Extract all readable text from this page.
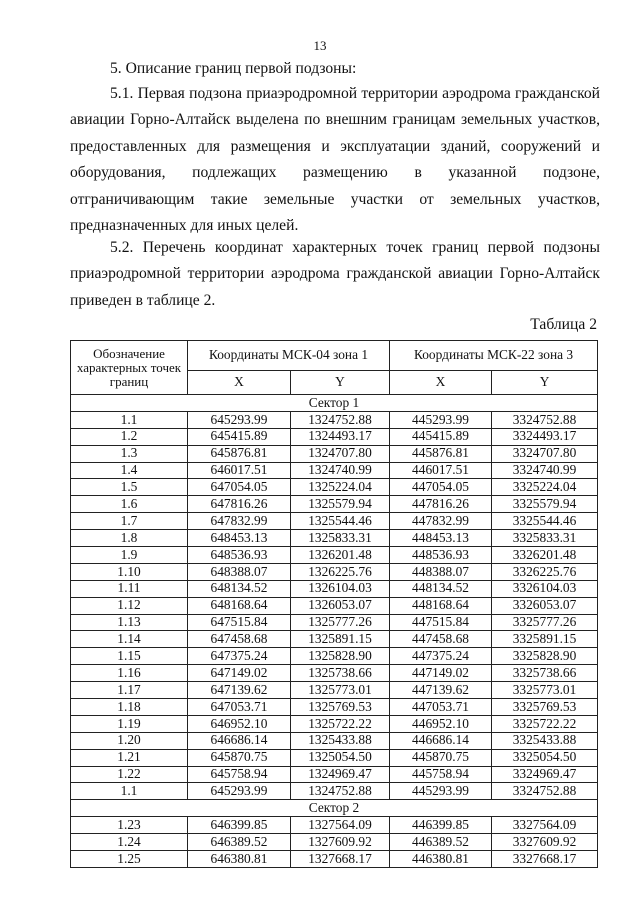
13
5. Описание границ первой подзоны:
5.1. Первая подзона приаэродромной территории аэродрома гражданской авиации Горно-Алтайск выделена по внешним границам земельных участков, предоставленных для размещения и эксплуатации зданий, сооружений и оборудования, подлежащих размещению в указанной подзоне, отграничивающим такие земельные участки от земельных участков, предназначенных для иных целей.
5.2. Перечень координат характерных точек границ первой подзоны приаэродромной территории аэродрома гражданской авиации Горно-Алтайск приведен в таблице 2.
Таблица 2
Обозначение характерных точек границ	Координаты МСК-04 зона 1		Координаты МСК-22 зона 3	
	X	Y	X	Y
Сектор 1				
1.1	645293.99	1324752.88	445293.99	3324752.88
1.2	645415.89	1324493.17	445415.89	3324493.17
1.3	645876.81	1324707.80	445876.81	3324707.80
1.4	646017.51	1324740.99	446017.51	3324740.99
1.5	647054.05	1325224.04	447054.05	3325224.04
1.6	647816.26	1325579.94	447816.26	3325579.94
1.7	647832.99	1325544.46	447832.99	3325544.46
1.8	648453.13	1325833.31	448453.13	3325833.31
1.9	648536.93	1326201.48	448536.93	3326201.48
1.10	648388.07	1326225.76	448388.07	3326225.76
1.11	648134.52	1326104.03	448134.52	3326104.03
1.12	648168.64	1326053.07	448168.64	3326053.07
1.13	647515.84	1325777.26	447515.84	3325777.26
1.14	647458.68	1325891.15	447458.68	3325891.15
1.15	647375.24	1325828.90	447375.24	3325828.90
1.16	647149.02	1325738.66	447149.02	3325738.66
1.17	647139.62	1325773.01	447139.62	3325773.01
1.18	647053.71	1325769.53	447053.71	3325769.53
1.19	646952.10	1325722.22	446952.10	3325722.22
1.20	646686.14	1325433.88	446686.14	3325433.88
1.21	645870.75	1325054.50	445870.75	3325054.50
1.22	645758.94	1324969.47	445758.94	3324969.47
1.1	645293.99	1324752.88	445293.99	3324752.88
Сектор 2				
1.23	646399.85	1327564.09	446399.85	3327564.09
1.24	646389.52	1327609.92	446389.52	3327609.92
1.25	646380.81	1327668.17	446380.81	3327668.17
